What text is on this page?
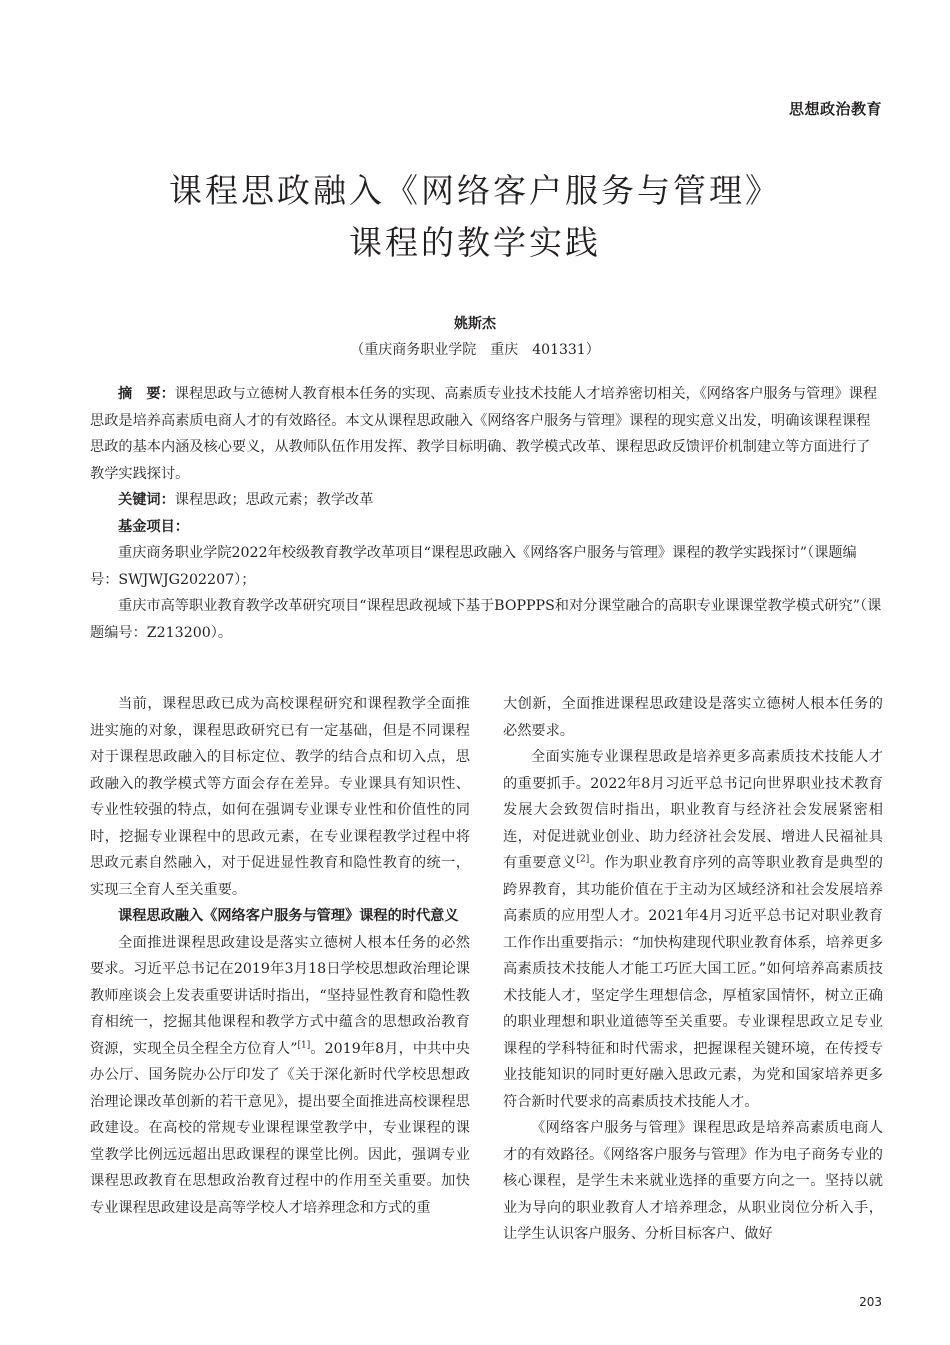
思想政治教育
课程思政融入《网络客户服务与管理》
课程的教学实践
姚斯杰
（重庆商务职业学院　重庆　401331）

摘　要：课程思政与立德树人教育根本任务的实现、高素质专业技术技能人才培养密切相关，《网络客户服务与管理》课程思政是培养高素质电商人才的有效路径。本文从课程思政融入《网络客户服务与管理》课程的现实意义出发，明确该课程课程思政的基本内涵及核心要义，从教师队伍作用发挥、教学目标明确、教学模式改革、课程思政反馈评价机制建立等方面进行了教学实践探讨。

关键词：课程思政；思政元素；教学改革

基金项目：

重庆商务职业学院2022年校级教育教学改革项目“课程思政融入《网络客户服务与管理》课程的教学实践探讨”（课题编号：SWJWJG202207）；

重庆市高等职业教育教学改革研究项目“课程思政视域下基于BOPPPS和对分课堂融合的高职专业课课堂教学模式研究”（课题编号：Z213200）。

当前，课程思政已成为高校课程研究和课程教学全面推进实施的对象，课程思政研究已有一定基础，但是不同课程对于课程思政融入的目标定位、教学的结合点和切入点，思政融入的教学模式等方面会存在差异。专业课具有知识性、专业性较强的特点，如何在强调专业课专业性和价值性的同时，挖掘专业课程中的思政元素，在专业课程教学过程中将思政元素自然融入，对于促进显性教育和隐性教育的统一，实现三全育人至关重要。

课程思政融入《网络客户服务与管理》课程的时代意义

全面推进课程思政建设是落实立德树人根本任务的必然要求。习近平总书记在2019年3月18日学校思想政治理论课教师座谈会上发表重要讲话时指出，“坚持显性教育和隐性教育相统一，挖掘其他课程和教学方式中蕴含的思想政治教育资源，实现全员全程全方位育人”[1]。2019年8月，中共中央办公厅、国务院办公厅印发了《关于深化新时代学校思想政治理论课改革创新的若干意见》，提出要全面推进高校课程思政建设。在高校的常规专业课程课堂教学中，专业课程的课堂教学比例远远超出思政课程的课堂比例。因此，强调专业课程思政教育在思想政治教育过程中的作用至关重要。加快专业课程思政建设是高等学校人才培养理念和方式的重

大创新，全面推进课程思政建设是落实立德树人根本任务的必然要求。

全面实施专业课程思政是培养更多高素质技术技能人才的重要抓手。2022年8月习近平总书记向世界职业技术教育发展大会致贺信时指出，职业教育与经济社会发展紧密相连，对促进就业创业、助力经济社会发展、增进人民福祉具有重要意义[2]。作为职业教育序列的高等职业教育是典型的跨界教育，其功能价值在于主动为区域经济和社会发展培养高素质的应用型人才。2021年4月习近平总书记对职业教育工作作出重要指示：“加快构建现代职业教育体系，培养更多高素质技术技能人才能工巧匠大国工匠。”如何培养高素质技术技能人才，坚定学生理想信念，厚植家国情怀，树立正确的职业理想和职业道德等至关重要。专业课程思政立足专业课程的学科特征和时代需求，把握课程关键环境，在传授专业技能知识的同时更好融入思政元素，为党和国家培养更多符合新时代要求的高素质技术技能人才。

《网络客户服务与管理》课程思政是培养高素质电商人才的有效路径。《网络客户服务与管理》作为电子商务专业的核心课程，是学生未来就业选择的重要方向之一。坚持以就业为导向的职业教育人才培养理念，从职业岗位分析入手，让学生认识客户服务、分析目标客户、做好

203
